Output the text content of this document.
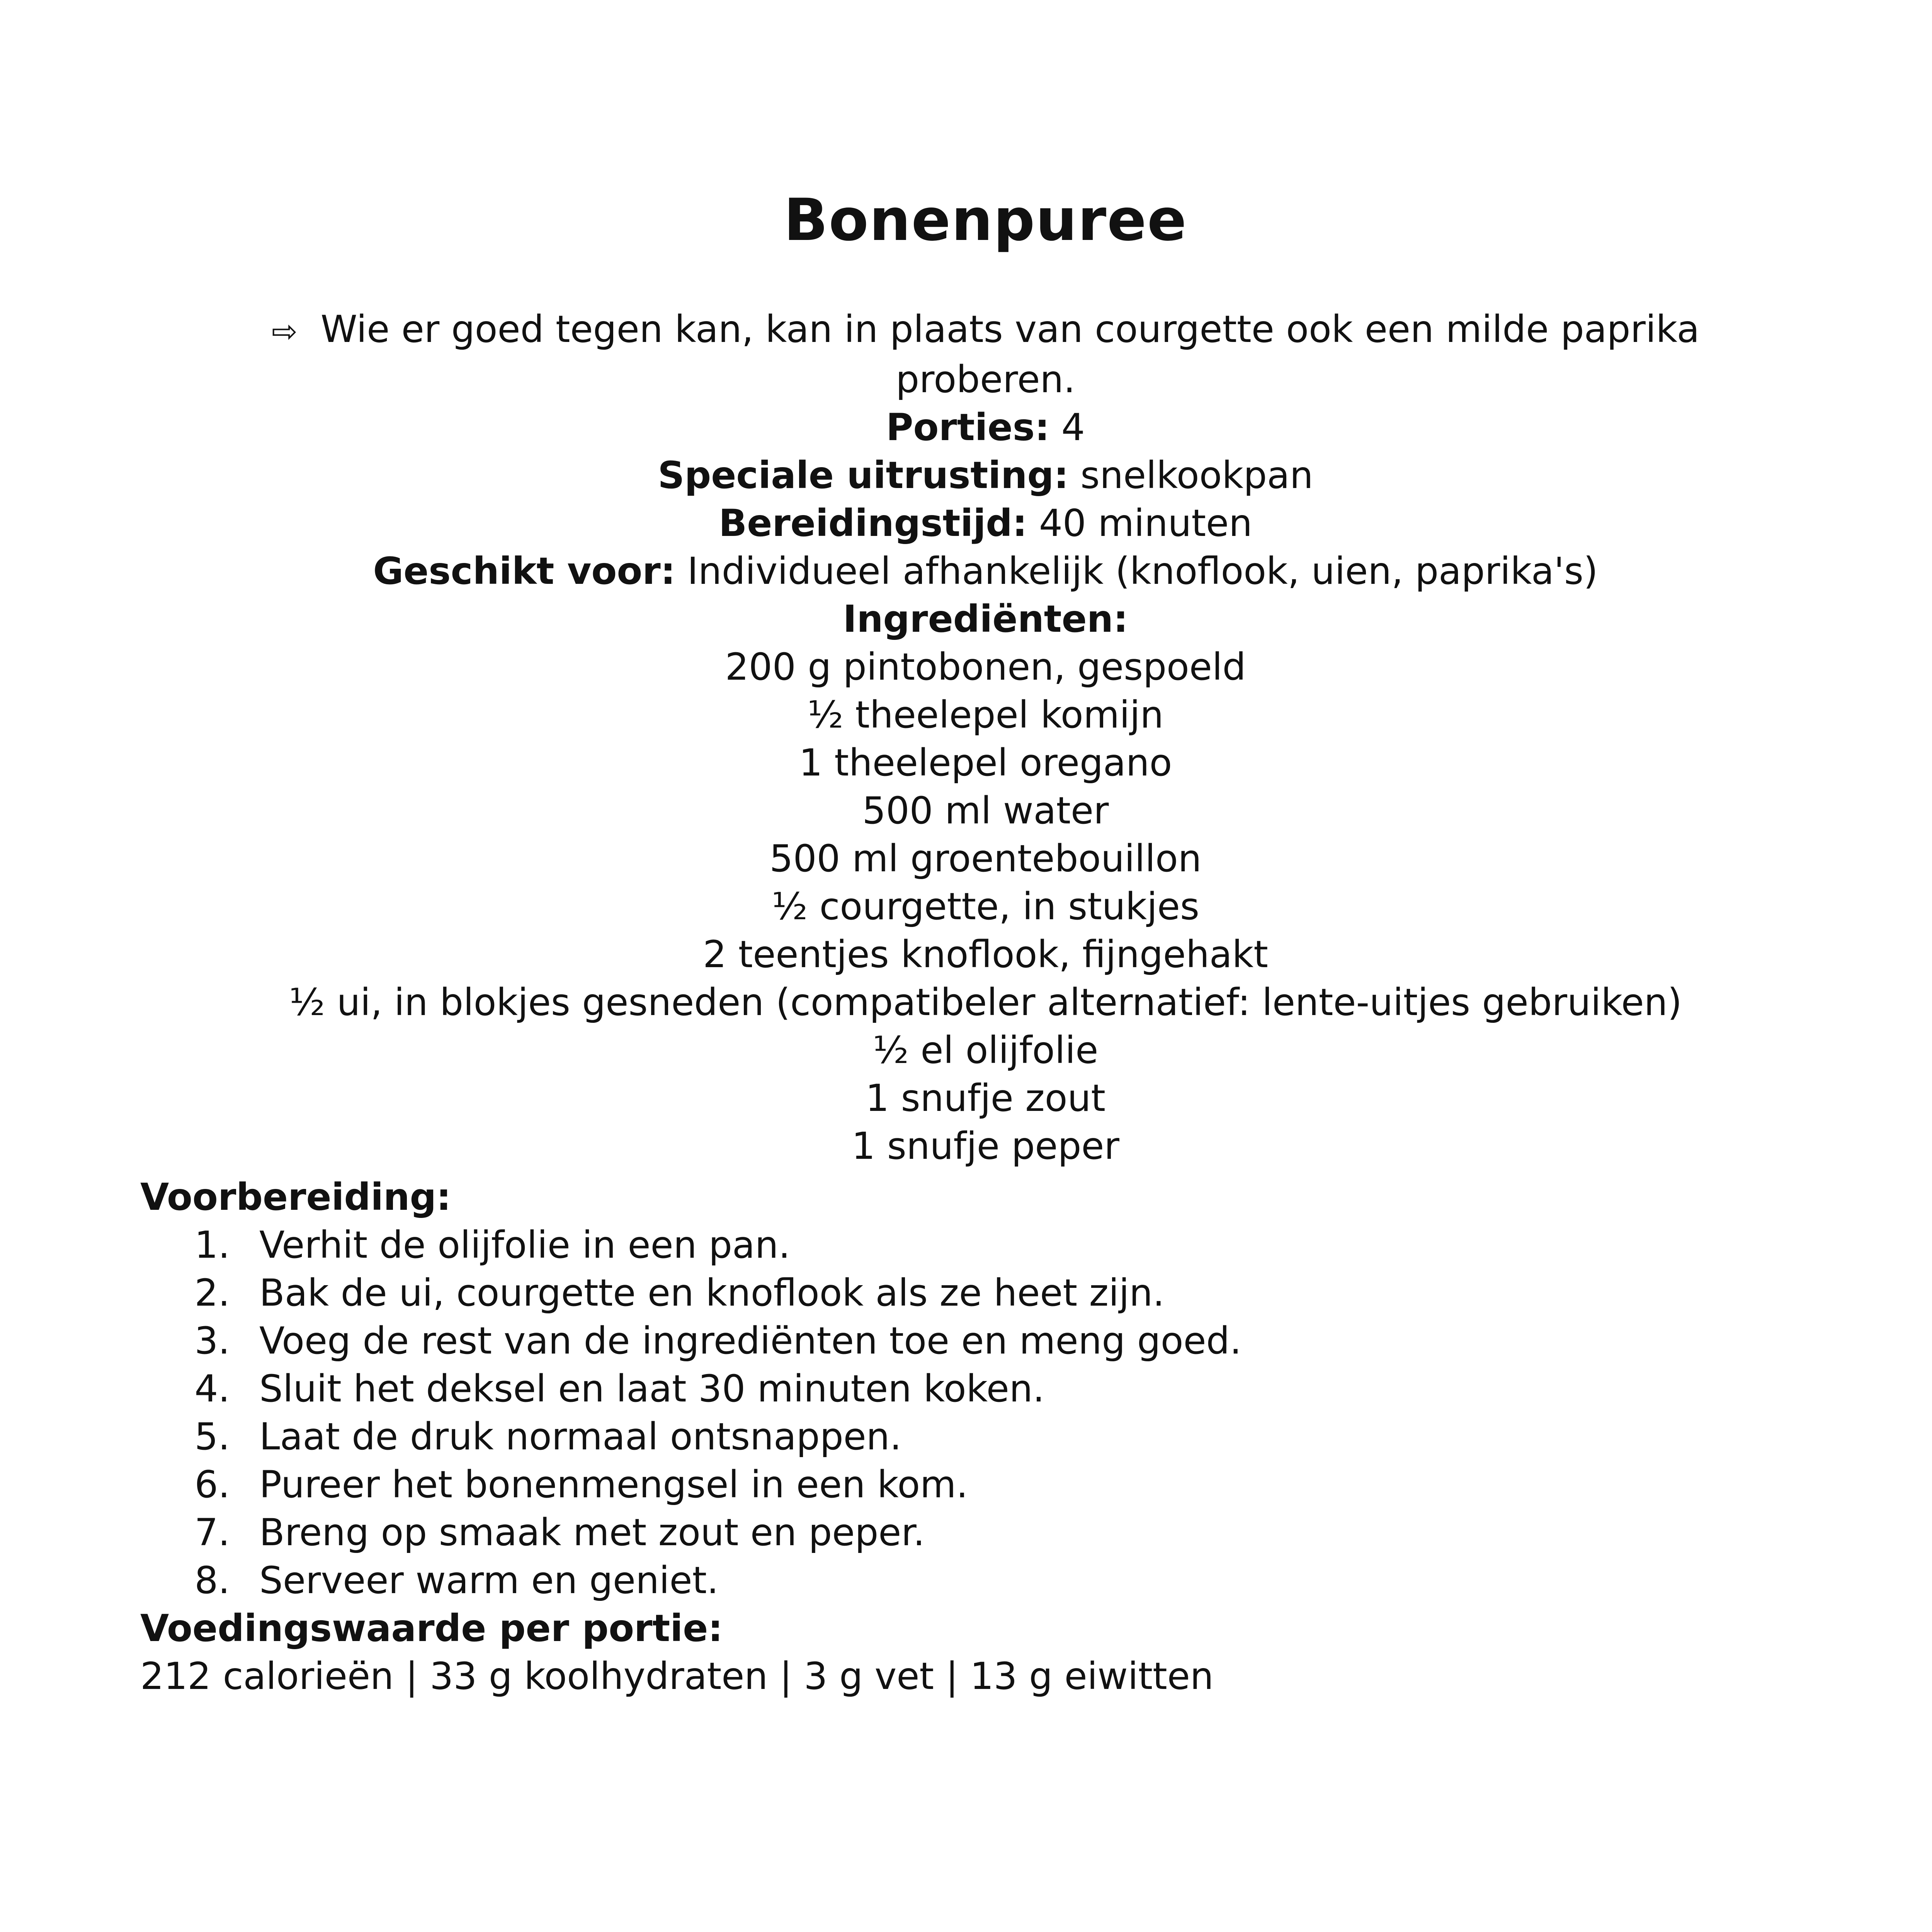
Bonenpuree
⇨ Wie er goed tegen kan, kan in plaats van courgette ook een milde paprika
proberen.
Porties: 4
Speciale uitrusting: snelkookpan
Bereidingstijd: 40 minuten
Geschikt voor: Individueel afhankelijk (knoflook, uien, paprika's)
Ingrediënten:
200 g pintobonen, gespoeld
½ theelepel komijn
1 theelepel oregano
500 ml water
500 ml groentebouillon
½ courgette, in stukjes
2 teentjes knoflook, fijngehakt
½ ui, in blokjes gesneden (compatibeler alternatief: lente-uitjes gebruiken)
½ el olijfolie
1 snufje zout
1 snufje peper
Voorbereiding:
1. Verhit de olijfolie in een pan.
2. Bak de ui, courgette en knoflook als ze heet zijn.
3. Voeg de rest van de ingrediënten toe en meng goed.
4. Sluit het deksel en laat 30 minuten koken.
5. Laat de druk normaal ontsnappen.
6. Pureer het bonenmengsel in een kom.
7. Breng op smaak met zout en peper.
8. Serveer warm en geniet.
Voedingswaarde per portie:
212 calorieën | 33 g koolhydraten | 3 g vet | 13 g eiwitten
